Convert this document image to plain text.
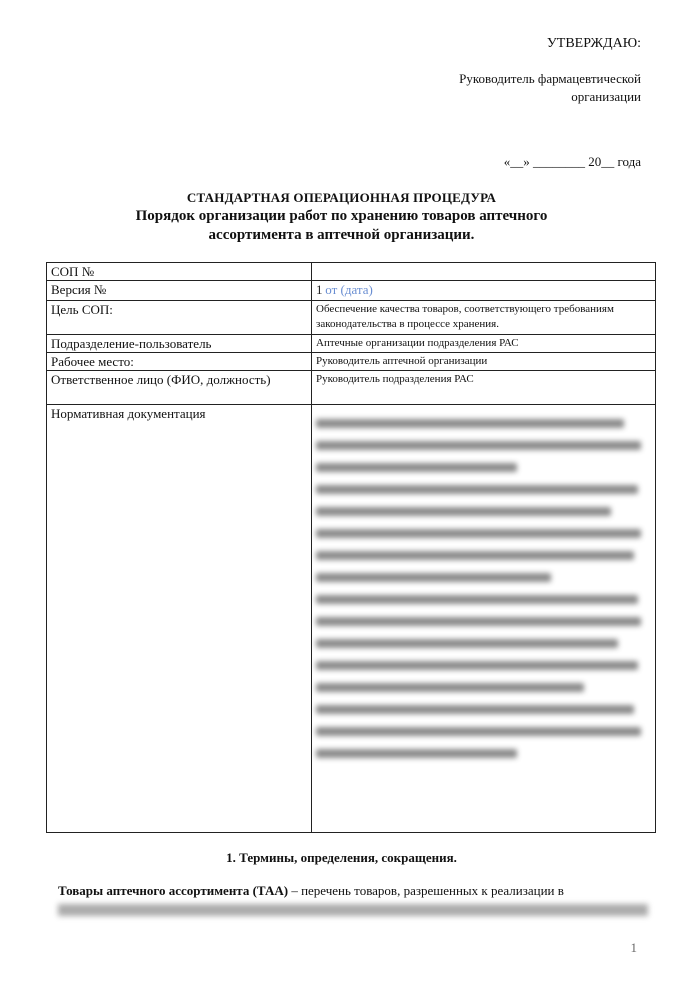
УТВЕРЖДАЮ:
Руководитель фармацевтической
организации
«__» ________ 20__ года
СТАНДАРТНАЯ ОПЕРАЦИОННАЯ ПРОЦЕДУРА
Порядок организации работ по хранению товаров аптечного ассортимента в аптечной организации.
СОП №	
Версия №	1 от (дата)
Цель СОП:	Обеспечение качества товаров, соответствующего требованиям законодательства в процессе хранения.
Подразделение-пользователь	Аптечные организации подразделения РАС
Рабочее место:	Руководитель аптечной организации
Ответственное лицо (ФИО, должность)	Руководитель подразделения РАС
Нормативная документация	
1. Термины, определения, сокращения.
Товары аптечного ассортимента (ТАА) – перечень товаров, разрешенных к реализации в
1
